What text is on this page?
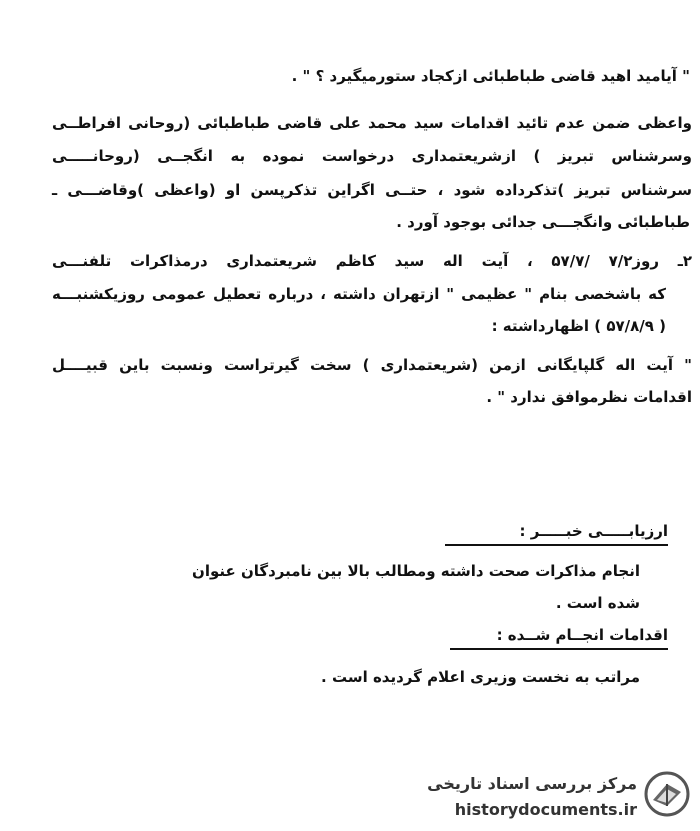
" آیامید اهید قاضی طباطبائی ازکجاد ستورمیگیرد ؟ " .
واعظی ضمن عدم تائید اقدامات سید محمد علی قاضی طباطبائی (روحانی افراطــی
وسرشناس تبریز ) ازشریعتمداری درخواست نموده به انگجــی (روحانـــــی
سرشناس تبریز )تذکرداده شود ، حتــی اگراین تذکرپسن او (واعظی )وقاضـــی ـ
طباطبائی وانگجـــی جدائی بوجود آورد .
۲ـ روز۷/۲ /۵۷/۷ ، آیت اله سید کاظم شریعتمداری درمذاکرات تلفنـــی
که باشخصی بنام " عظیمی " ازتهران داشته ، درباره تعطیل عمومی روزیکشنبـــه
( ۵۷/۸/۹ ) اظهارداشته :
" آیت اله گلپایگانی ازمن (شریعتمداری ) سخت گیرتراست ونسبت باین قبیــــل
اقدامات نظرموافق ندارد " .
ارزیابـــــی خبـــــر :
انجام مذاکرات صحت داشته ومطالب بالا بین نامبردگان عنوان
شده است .
اقدامات انجــام شــده :
مراتب به نخست وزیری اعلام گردیده است .
مرکز بررسی اسناد تاریخی
historydocuments.ir
